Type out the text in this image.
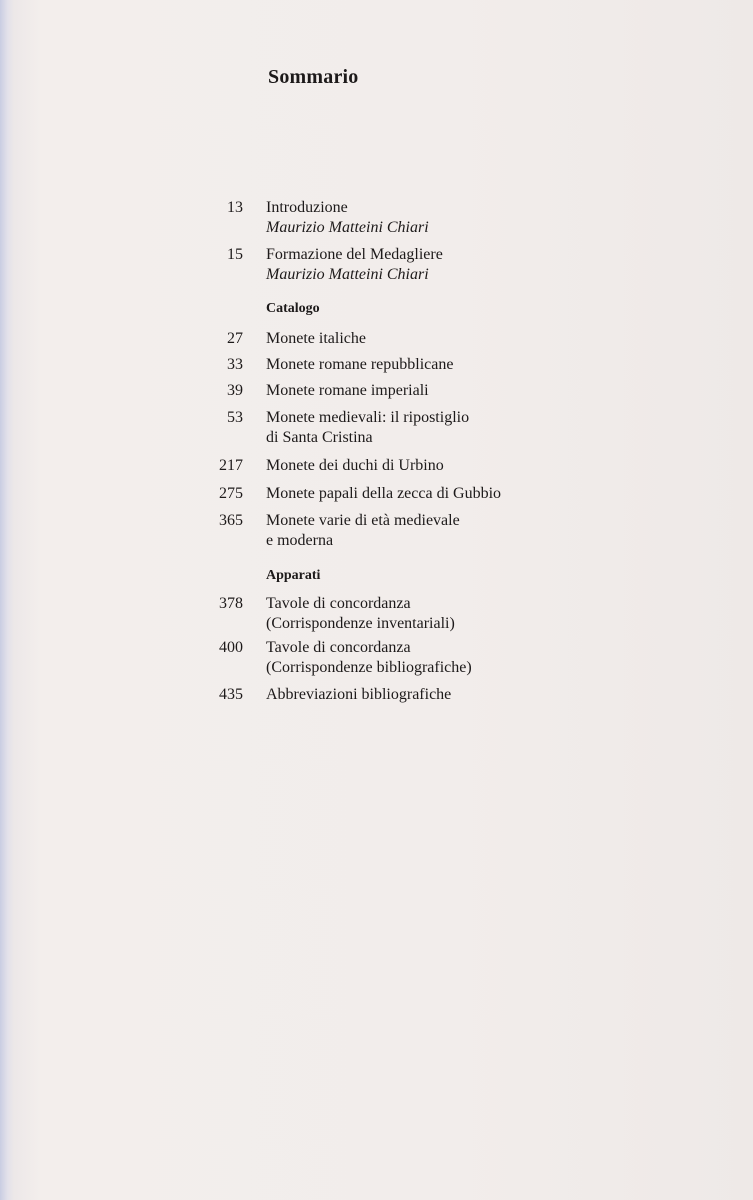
Sommario
13 Introduzione
Maurizio Matteini Chiari
15 Formazione del Medagliere
Maurizio Matteini Chiari
Catalogo
27 Monete italiche
33 Monete romane repubblicane
39 Monete romane imperiali
53 Monete medievali: il ripostiglio
di Santa Cristina
217 Monete dei duchi di Urbino
275 Monete papali della zecca di Gubbio
365 Monete varie di età medievale
e moderna
Apparati
378 Tavole di concordanza
(Corrispondenze inventariali)
400 Tavole di concordanza
(Corrispondenze bibliografiche)
435 Abbreviazioni bibliografiche
